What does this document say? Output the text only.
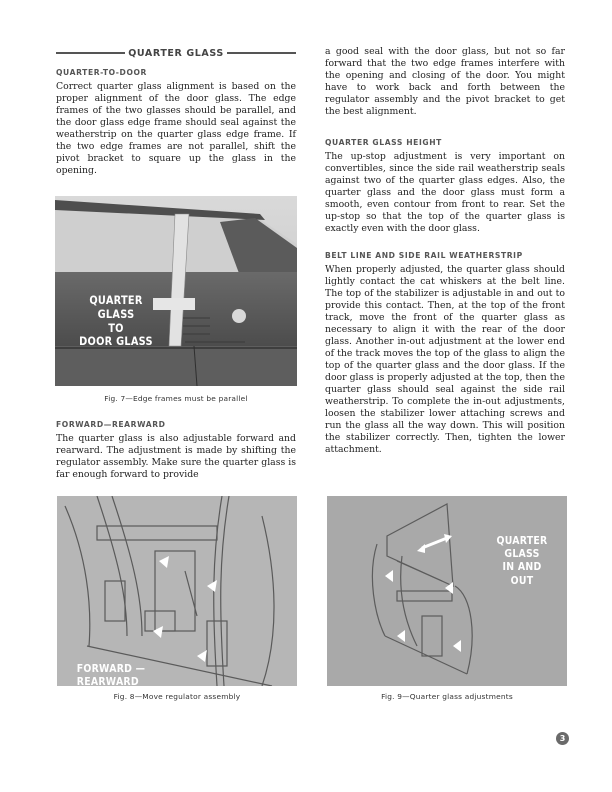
QUARTER GLASS
QUARTER-TO-DOOR

Correct quarter glass alignment is based on the proper alignment of the door glass. The edge frames of the two glasses should be parallel, and the door glass edge frame should seal against the weatherstrip on the quarter glass edge frame. If the two edge frames are not parallel, shift the pivot bracket to square up the glass in the opening.

QUARTER GLASS
TO
DOOR GLASS
Fig. 7—Edge frames must be parallel
FORWARD—REARWARD

The quarter glass is also adjustable forward and rearward. The adjustment is made by shifting the regulator assembly. Make sure the quarter glass is far enough forward to provide

a good seal with the door glass, but not so far forward that the two edge frames interfere with the opening and closing of the door. You might have to work back and forth between the regulator assembly and the pivot bracket to get the best alignment.

QUARTER GLASS HEIGHT

The up-stop adjustment is very important on convertibles, since the side rail weatherstrip seals against two of the quarter glass edges. Also, the quarter glass and the door glass must form a smooth, even contour from front to rear. Set the up-stop so that the top of the quarter glass is exactly even with the door glass.

BELT LINE AND SIDE RAIL WEATHERSTRIP

When properly adjusted, the quarter glass should lightly contact the cat whiskers at the belt line. The top of the stabilizer is adjustable in and out to provide this contact. Then, at the top of the front track, move the front of the quarter glass as necessary to align it with the rear of the door glass. Another in-out adjustment at the lower end of the track moves the top of the glass to align the top of the quarter glass and the door glass. If the door glass is properly adjusted at the top, then the quarter glass should seal against the side rail weatherstrip. To complete the in-out adjustments, loosen the stabilizer lower attaching screws and run the glass all the way down. This will position the stabilizer correctly. Then, tighten the lower attachment.

FORWARD — REARWARD
Fig. 8—Move regulator assembly
QUARTER
GLASS
IN AND OUT
Fig. 9—Quarter glass adjustments
3
